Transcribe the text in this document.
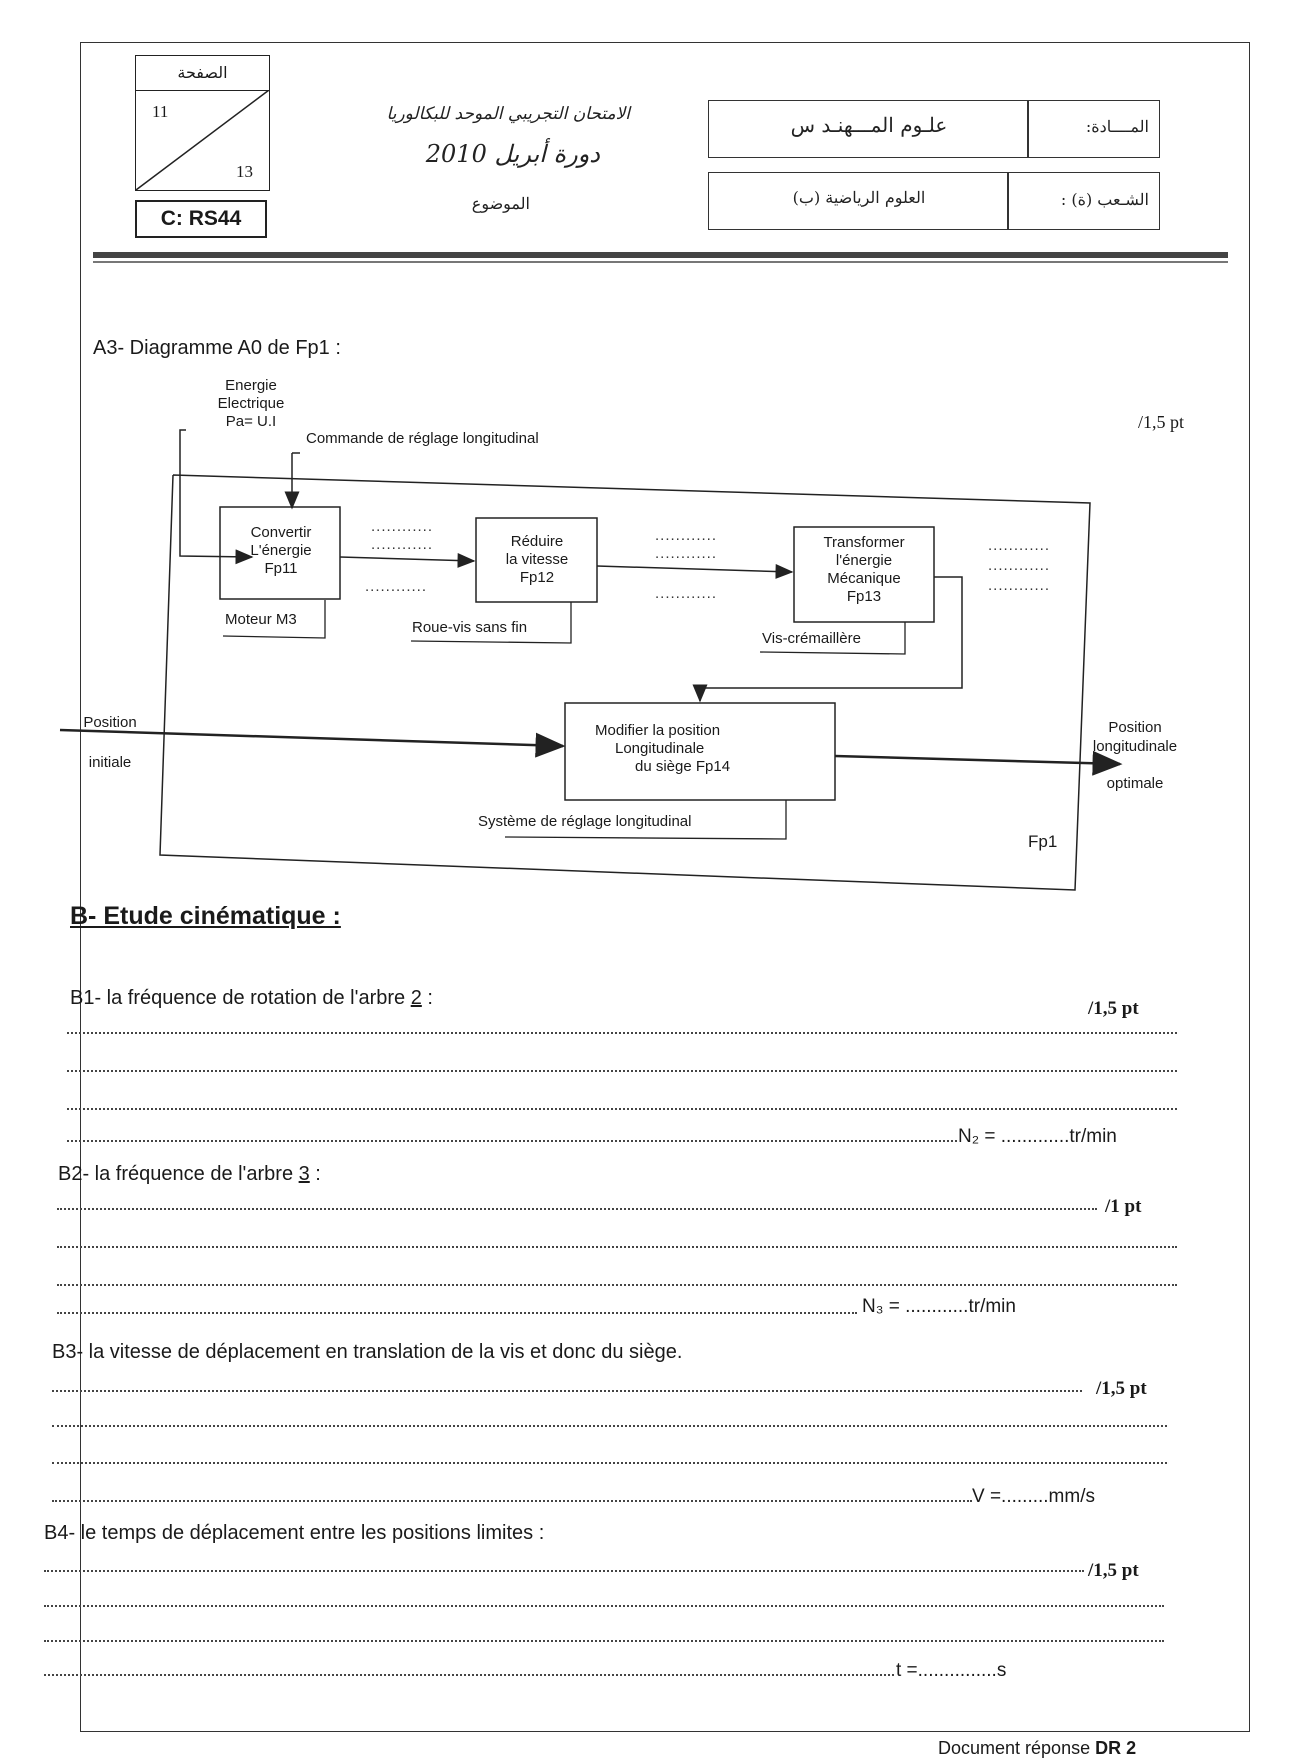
الصفحة
11
13
C: RS44
الامتحان التجريبي الموحد للبكالوريا
دورة أبريل 2010
الموضوع
المــــادة:
علـوم المـــهنـد س
الشـعب (ة) :
العلوم الرياضية (ب)
A3- Diagramme A0 de Fp1 :
/1,5 pt
Energie
Electrique
Pa= U.I
Commande de réglage longitudinal
Convertir
L'énergie
Fp11
Moteur M3
Réduire
la vitesse
Fp12
Roue-vis sans fin
Transformer
l'énergie
Mécanique
Fp13
Vis-crémaillère
Modifier la position
Longitudinale
du siège Fp14
Système de réglage longitudinal
Position
initiale
Position
longitudinale
optimale
Fp1
............
............
............
............
............
............
............
............
............
B- Etude cinématique :
B1- la fréquence de rotation de l'arbre 2 :	/1,5 pt
N₂ = .............tr/min
B2- la fréquence de l'arbre 3 :
/1 pt
N₃ = ............tr/min
B3- la vitesse de déplacement en translation de la vis et donc du siège.
/1,5 pt
V =.........mm/s
B4- le temps de déplacement entre les positions limites :
/1,5 pt
t =...............s
Document réponse DR 2
